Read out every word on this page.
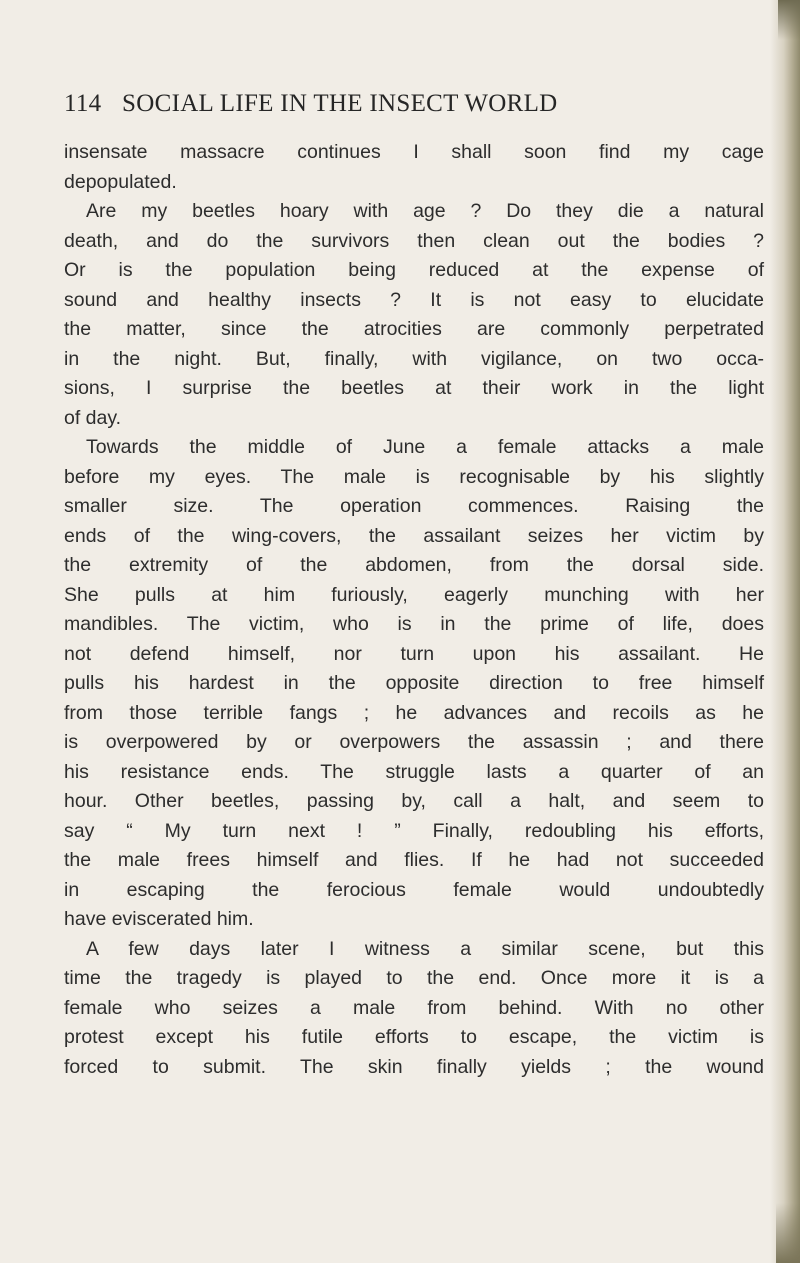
114 SOCIAL LIFE IN THE INSECT WORLD
insensate massacre continues I shall soon find my cage
depopulated.
Are my beetles hoary with age ? Do they die a natural
death, and do the survivors then clean out the bodies ?
Or is the population being reduced at the expense of
sound and healthy insects ? It is not easy to elucidate
the matter, since the atrocities are commonly perpetrated
in the night. But, finally, with vigilance, on two occa-
sions, I surprise the beetles at their work in the light
of day.
Towards the middle of June a female attacks a male
before my eyes. The male is recognisable by his slightly
smaller size. The operation commences. Raising the
ends of the wing-covers, the assailant seizes her victim by
the extremity of the abdomen, from the dorsal side.
She pulls at him furiously, eagerly munching with her
mandibles. The victim, who is in the prime of life, does
not defend himself, nor turn upon his assailant. He
pulls his hardest in the opposite direction to free himself
from those terrible fangs ; he advances and recoils as he
is overpowered by or overpowers the assassin ; and there
his resistance ends. The struggle lasts a quarter of an
hour. Other beetles, passing by, call a halt, and seem to
say “ My turn next ! ” Finally, redoubling his efforts,
the male frees himself and flies. If he had not succeeded
in escaping the ferocious female would undoubtedly
have eviscerated him.
A few days later I witness a similar scene, but this
time the tragedy is played to the end. Once more it is a
female who seizes a male from behind. With no other
protest except his futile efforts to escape, the victim is
forced to submit. The skin finally yields ; the wound
